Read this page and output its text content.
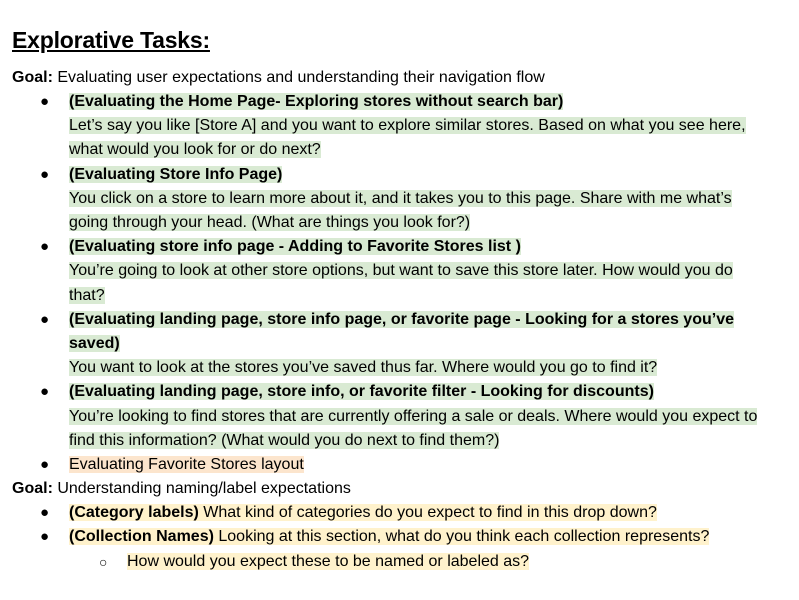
Explorative Tasks:
Goal: Evaluating user expectations and understanding their navigation flow
●	(Evaluating the Home Page- Exploring stores without search bar)
Let’s say you like [Store A] and you want to explore similar stores. Based on what you see here, what would you look for or do next?
●	(Evaluating Store Info Page)
You click on a store to learn more about it, and it takes you to this page. Share with me what’s going through your head. (What are things you look for?)
●	(Evaluating store info page - Adding to Favorite Stores list )
You’re going to look at other store options, but want to save this store later. How would you do that?
●	(Evaluating landing page, store info page, or favorite page - Looking for a stores you’ve saved)
You want to look at the stores you’ve saved thus far. Where would you go to find it?
●	(Evaluating landing page, store info, or favorite filter - Looking for discounts)
You’re looking to find stores that are currently offering a sale or deals. Where would you expect to find this information? (What would you do next to find them?)
●	Evaluating Favorite Stores layout
Goal: Understanding naming/label expectations
●	(Category labels) What kind of categories do you expect to find in this drop down?
●	(Collection Names) Looking at this section, what do you think each collection represents?
○	How would you expect these to be named or labeled as?
